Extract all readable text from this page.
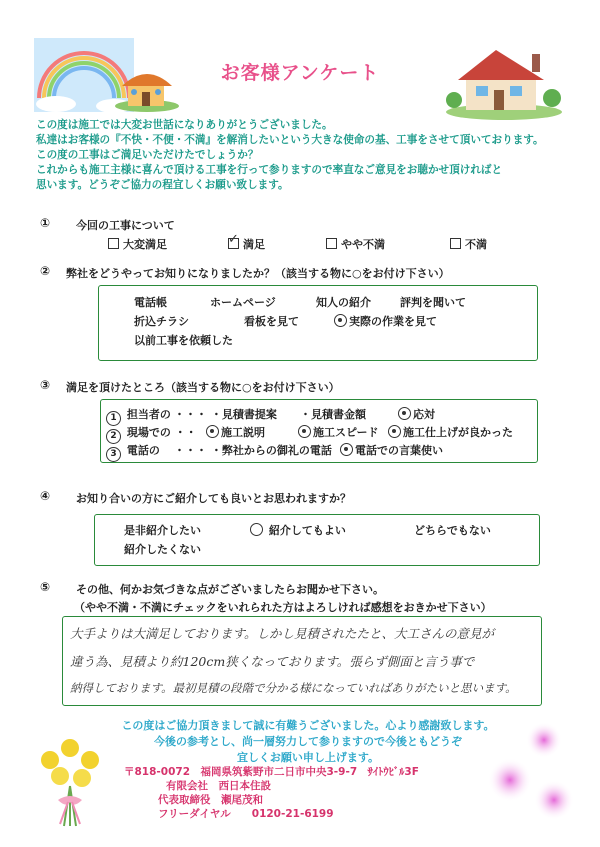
お客様アンケート
この度は施工では大変お世話になりありがとうございました。
私達はお客様の『不快・不便・不満』を解消したいという大きな使命の基、工事をさせて頂いております。
この度の工事はご満足いただけたでしょうか？
これからも施工主様に喜んで頂ける工事を行って参りますので率直なご意見をお聴かせ頂ければと
思います。どうぞご協力の程宜しくお願い致します。
① 今回の工事について
大変満足 ✓	満足	やや不満	不満
② 弊社をどうやってお知りになりましたか？（該当する物に○をお付け下さい）
電話帳	ホームページ	知人の紹介	評判を聞いて
折込チラシ	看板を見て	実際の作業を見て
以前工事を依頼した
③ 満足を頂けたところ（該当する物に○をお付け下さい）
1 担当者の ・・・ ・見積書提案 ・見積書金額	応対
2 現場での ・・	施工説明	施工スピード	施工仕上げが良かった
3 電話の ・・・ ・弊社からの御礼の電話	電話での言葉使い
④ お知り合いの方にご紹介しても良いとお思われますか？
是非紹介したい	紹介してもよい	どちらでもない
紹介したくない
⑤ その他、何かお気づきな点がございましたらお聞かせ下さい。
（やや不満・不満にチェックをいれられた方はよろしければ感想をおきかせ下さい）
大手よりは大満足しております。しかし見積されたたと、大工さんの意見が
違う為、見積より約120cm狭くなっております。張らず側面と言う事で
納得しております。最初見積の段階で分かる様になっていればありがたいと思います。
この度はご協力頂きまして誠に有難うございました。心より感謝致します。
今後の参考とし、尚一層努力して参りますので今後ともどうぞ
宜しくお願い申し上げます。
〒818-0072　福岡県筑紫野市二日市中央3-9-7　ｻｲﾄｳﾋﾞﾙ3F
有限会社　西日本住設
代表取締役　瀬尾茂和
フリーダイヤル　　0120-21-6199
